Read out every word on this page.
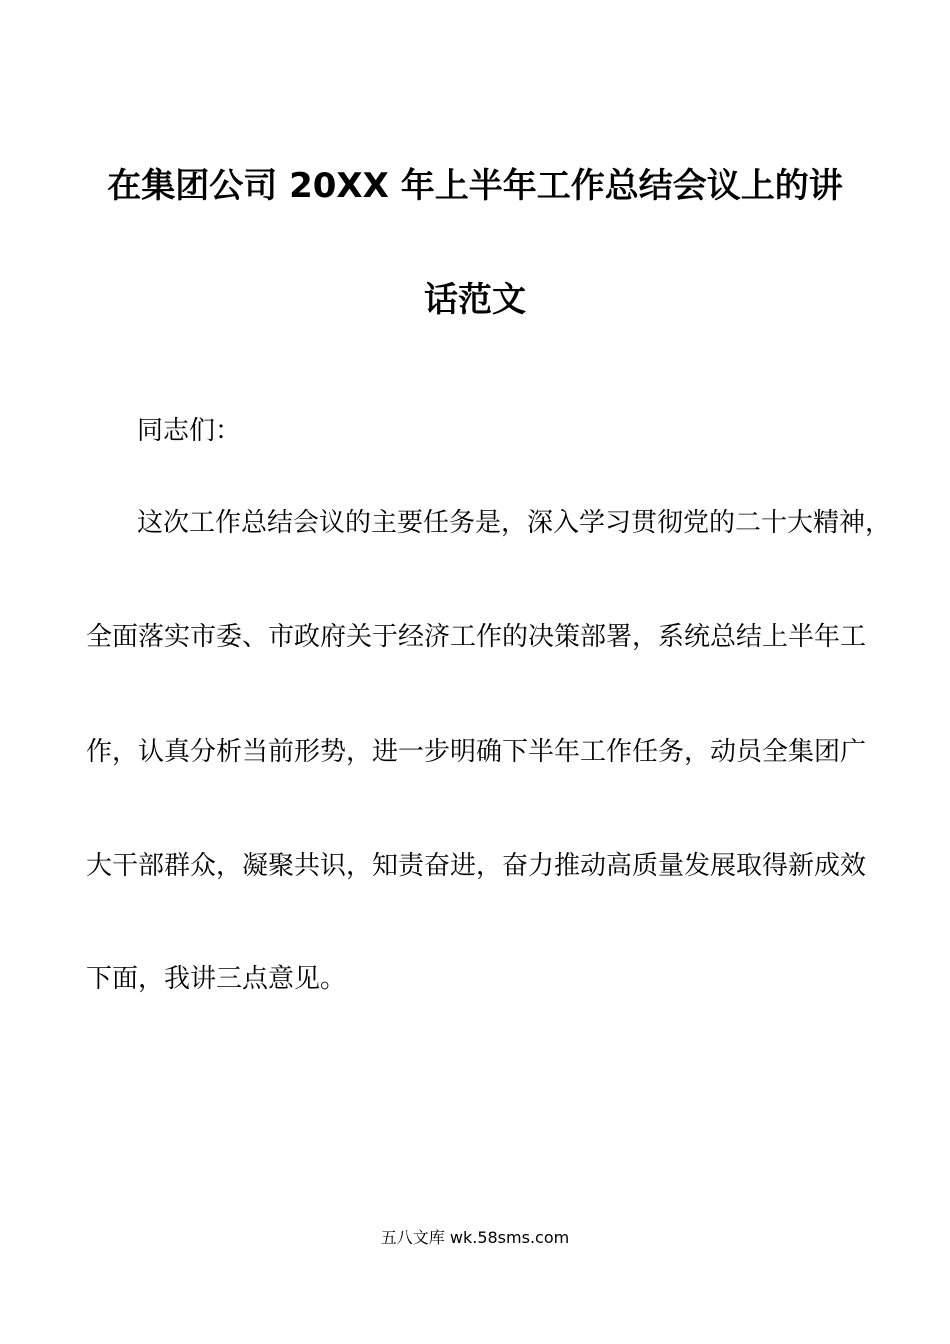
在集团公司 20XX 年上半年工作总结会议上的讲
话范文
同志们：
这次工作总结会议的主要任务是，深入学习贯彻党的二十大精神，
全面落实市委、市政府关于经济工作的决策部署，系统总结上半年工
作，认真分析当前形势，进一步明确下半年工作任务，动员全集团广
大干部群众，凝聚共识，知责奋进，奋力推动高质量发展取得新成效
下面，我讲三点意见。
五八文库 wk.58sms.com
